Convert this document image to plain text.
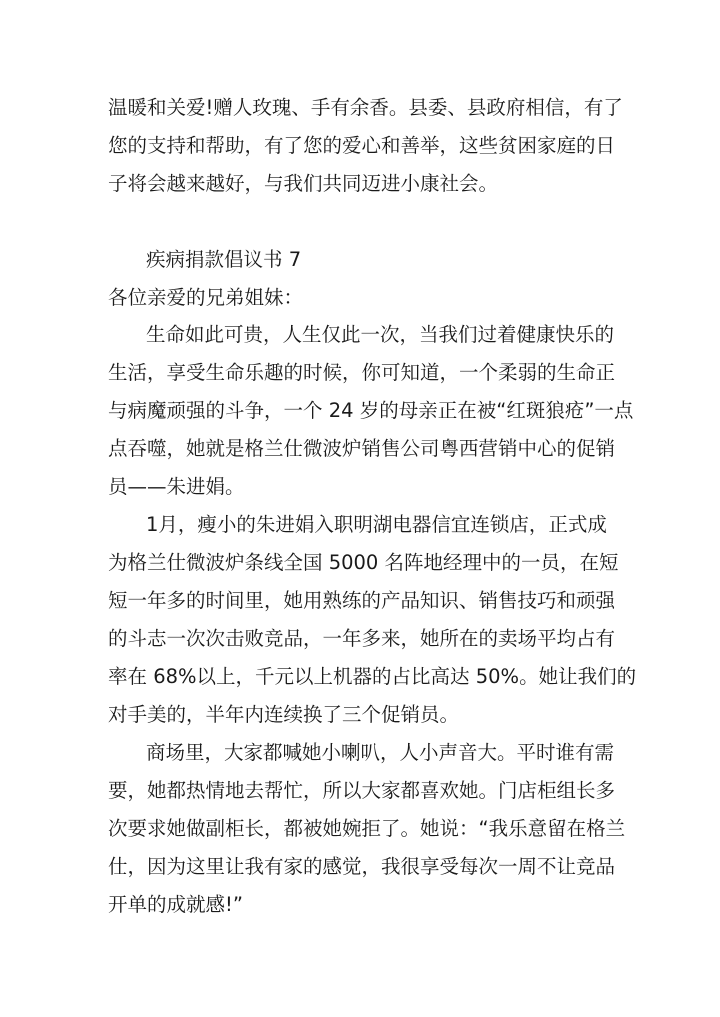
温暖和关爱!赠人玫瑰、手有余香。县委、县政府相信，有了
您的支持和帮助，有了您的爱心和善举，这些贫困家庭的日
子将会越来越好，与我们共同迈进小康社会。
疾病捐款倡议书 7
各位亲爱的兄弟姐妹：
生命如此可贵，人生仅此一次，当我们过着健康快乐的
生活，享受生命乐趣的时候，你可知道，一个柔弱的生命正
与病魔顽强的斗争，一个 24 岁的母亲正在被“红斑狼疮”一点
点吞噬，她就是格兰仕微波炉销售公司粤西营销中心的促销
员——朱进娟。
1月，瘦小的朱进娟入职明湖电器信宜连锁店，正式成
为格兰仕微波炉条线全国 5000 名阵地经理中的一员，在短
短一年多的时间里，她用熟练的产品知识、销售技巧和顽强
的斗志一次次击败竞品，一年多来，她所在的卖场平均占有
率在 68%以上，千元以上机器的占比高达 50%。她让我们的
对手美的，半年内连续换了三个促销员。
商场里，大家都喊她小喇叭，人小声音大。平时谁有需
要，她都热情地去帮忙，所以大家都喜欢她。门店柜组长多
次要求她做副柜长，都被她婉拒了。她说：“我乐意留在格兰
仕，因为这里让我有家的感觉，我很享受每次一周不让竞品
开单的成就感!”
